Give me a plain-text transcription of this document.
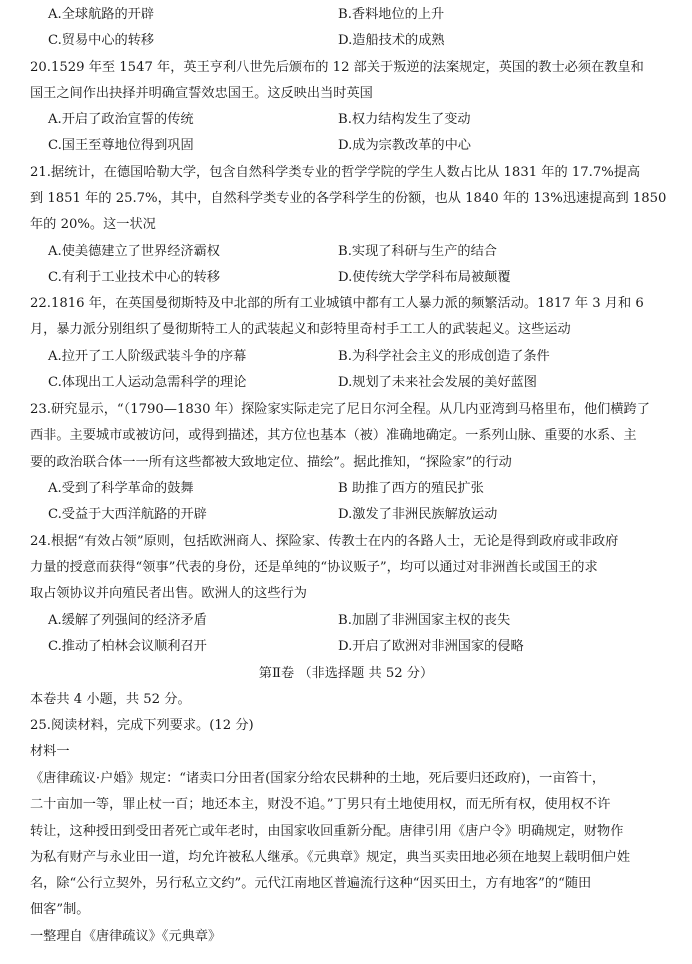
A.全球航路的开辟	B.香料地位的上升
C.贸易中心的转移	D.造船技术的成熟
20.1529 年至 1547 年，英王亨利八世先后颁布的 12 部关于叛逆的法案规定，英国的教士必须在教皇和
国王之间作出抉择并明确宣誓效忠国王。这反映出当时英国
A.开启了政治宣誓的传统	B.权力结构发生了变动
C.国王至尊地位得到巩固	D.成为宗教改革的中心
21.据统计，在德国哈勒大学，包含自然科学类专业的哲学学院的学生人数占比从 1831 年的 17.7%提高
到 1851 年的 25.7%，其中，自然科学类专业的各学科学生的份额，也从 1840 年的 13%迅速提高到 1850
年的 20%。这一状况
A.使美德建立了世界经济霸权	B.实现了科研与生产的结合
C.有利于工业技术中心的转移	D.使传统大学学科布局被颠覆
22.1816 年，在英国曼彻斯特及中北部的所有工业城镇中都有工人暴力派的频繁活动。1817 年 3 月和 6
月，暴力派分别组织了曼彻斯特工人的武装起义和彭特里奇村手工工人的武装起义。这些运动
A.拉开了工人阶级武装斗争的序幕	B.为科学社会主义的形成创造了条件
C.体现出工人运动急需科学的理论	D.规划了未来社会发展的美好蓝图
23.研究显示，“（1790—1830 年）探险家实际走完了尼日尔河全程。从几内亚湾到马格里布，他们横跨了
西非。主要城市或被访问，或得到描述，其方位也基本（被）准确地确定。一系列山脉、重要的水系、主
要的政治联合体一一所有这些都被大致地定位、描绘”。据此推知，“探险家”的行动
A.受到了科学革命的鼓舞	B 助推了西方的殖民扩张
C.受益于大西洋航路的开辟	D.激发了非洲民族解放运动
24.根据“有效占领”原则，包括欧洲商人、探险家、传教士在内的各路人士，无论是得到政府或非政府
力量的授意而获得“领事”代表的身份，还是单纯的“协议贩子”，均可以通过对非洲酋长或国王的求
取占领协议并向殖民者出售。欧洲人的这些行为
A.缓解了列强间的经济矛盾	B.加剧了非洲国家主权的丧失
C.推动了柏林会议顺利召开	D.开启了欧洲对非洲国家的侵略
第Ⅱ卷 （非选择题 共 52 分）
本卷共 4 小题，共 52 分。
25.阅读材料，完成下列要求。(12 分)
材料一
《唐律疏议·户婚》规定：“诸卖口分田者(国家分给农民耕种的土地，死后要归还政府)，一亩笞十，
二十亩加一等，罪止杖一百；地还本主，财没不追。”丁男只有土地使用权，而无所有权，使用权不许
转让，这种授田到受田者死亡或年老时，由国家收回重新分配。唐律引用《唐户令》明确规定，财物作
为私有财产与永业田一道，均允许被私人继承。《元典章》规定，典当买卖田地必须在地契上载明佃户姓
名，除“公行立契外，另行私立文约”。元代江南地区普遍流行这种“因买田土，方有地客”的“随田
佃客”制。
一整理自《唐律疏议》《元典章》
